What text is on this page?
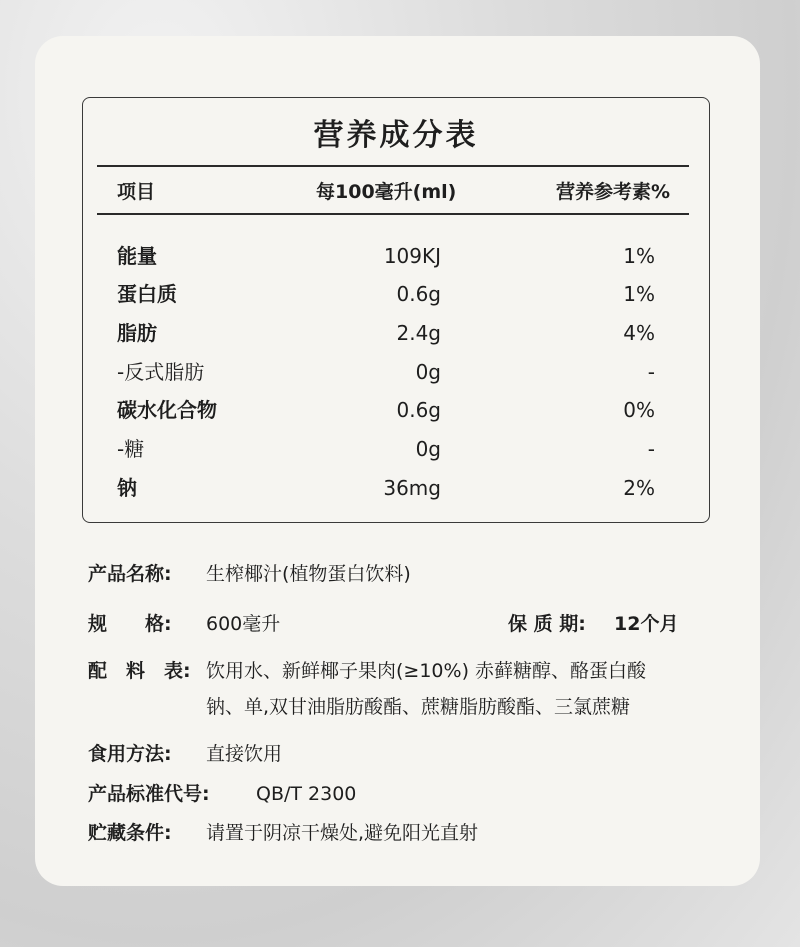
营养成分表
项目	每100毫升(ml)	营养参考素%
能量	109KJ	1%
蛋白质	0.6g	1%
脂肪	2.4g	4%
-反式脂肪	0g	-
碳水化合物	0.6g	0%
-糖	0g	-
钠	36mg	2%
产品名称: 生榨椰汁(植物蛋白饮料)
规　　格: 600毫升	保 质 期: 12个月
配　料　表: 饮用水、新鲜椰子果肉(≥10%) 赤藓糖醇、酪蛋白酸
钠、单,双甘油脂肪酸酯、蔗糖脂肪酸酯、三氯蔗糖
食用方法: 直接饮用
产品标准代号: QB/T 2300
贮藏条件: 请置于阴凉干燥处,避免阳光直射
